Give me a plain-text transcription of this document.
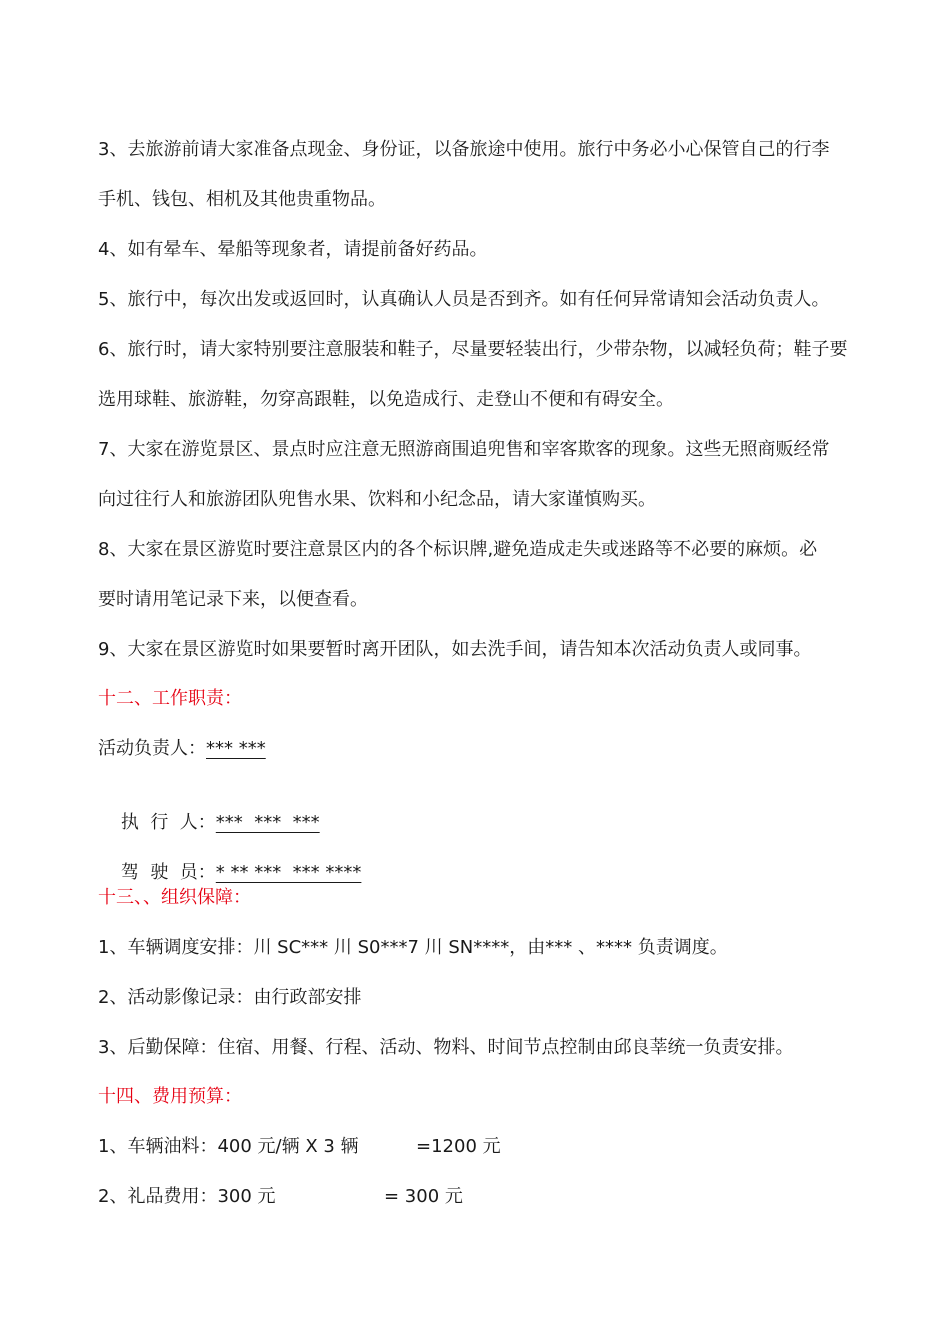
3、去旅游前请大家准备点现金、身份证，以备旅途中使用。旅行中务必小心保管自己的行李
手机、钱包、相机及其他贵重物品。
4、如有晕车、晕船等现象者，请提前备好药品。
5、旅行中，每次出发或返回时，认真确认人员是否到齐。如有任何异常请知会活动负责人。
6、旅行时，请大家特别要注意服装和鞋子，尽量要轻装出行，少带杂物，以减轻负荷；鞋子要
选用球鞋、旅游鞋，勿穿高跟鞋，以免造成行、走登山不便和有碍安全。
7、大家在游览景区、景点时应注意无照游商围追兜售和宰客欺客的现象。这些无照商贩经常
向过往行人和旅游团队兜售水果、饮料和小纪念品，请大家谨慎购买。
8、大家在景区游览时要注意景区内的各个标识牌,避免造成走失或迷路等不必要的麻烦。必
要时请用笔记录下来，以便查看。
9、大家在景区游览时如果要暂时离开团队，如去洗手间，请告知本次活动负责人或同事。
十二、工作职责：
活动负责人：*** ***

执  行  人：***  ***  ***

驾  驶  员：* ** ***  *** ****

十三、、组织保障：
1、车辆调度安排：川 SC*** 川 S0***7 川 SN****，由*** 、**** 负责调度。
2、活动影像记录：由行政部安排
3、后勤保障：住宿、用餐、行程、活动、物料、时间节点控制由邱良莘统一负责安排。
十四、费用预算：
1、车辆油料：400 元/辆 X 3 辆	=1200 元
2、礼品费用：300 元	= 300 元
